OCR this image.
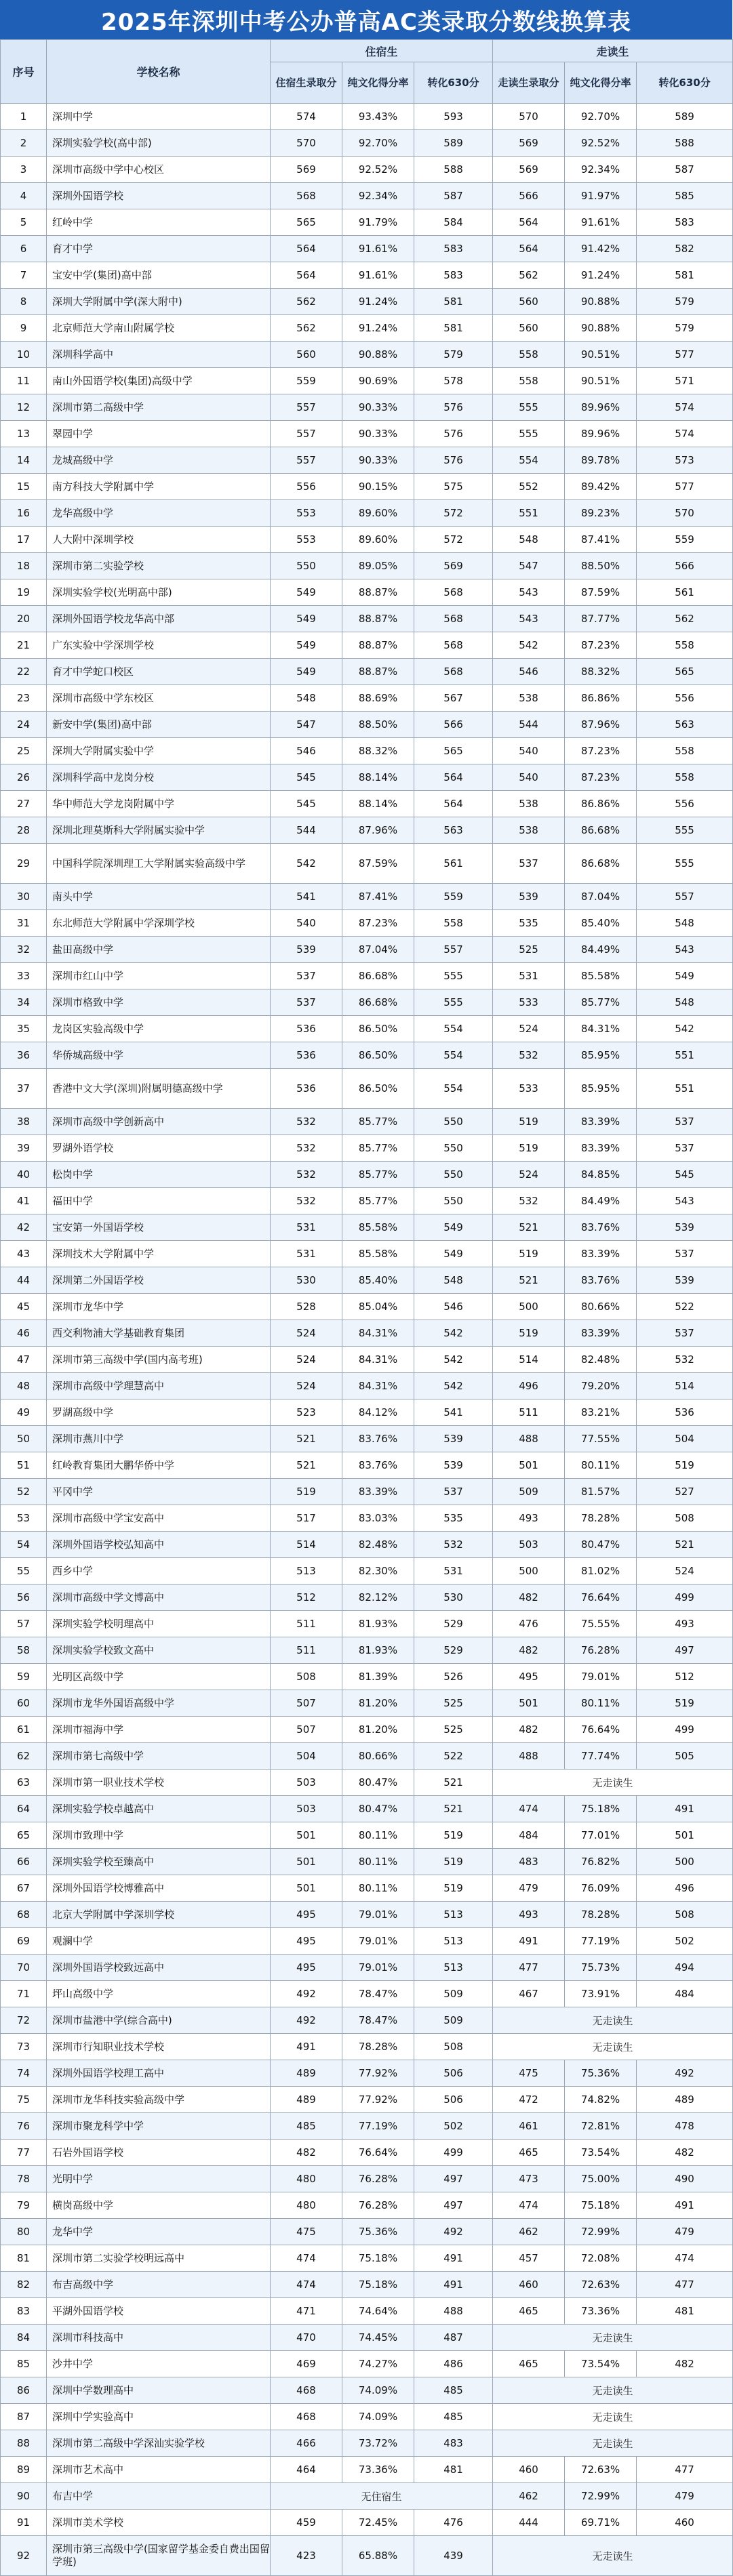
2025年深圳中考公办普高AC类录取分数线换算表
序号	学校名称	住宿生			走读生		
		住宿生录取分	纯文化得分率	转化630分	走读生录取分	纯文化得分率	转化630分
1	深圳中学	574	93.43%	593	570	92.70%	589
2	深圳实验学校(高中部)	570	92.70%	589	569	92.52%	588
3	深圳市高级中学中心校区	569	92.52%	588	569	92.34%	587
4	深圳外国语学校	568	92.34%	587	566	91.97%	585
5	红岭中学	565	91.79%	584	564	91.61%	583
6	育才中学	564	91.61%	583	564	91.42%	582
7	宝安中学(集团)高中部	564	91.61%	583	562	91.24%	581
8	深圳大学附属中学(深大附中)	562	91.24%	581	560	90.88%	579
9	北京师范大学南山附属学校	562	91.24%	581	560	90.88%	579
10	深圳科学高中	560	90.88%	579	558	90.51%	577
11	南山外国语学校(集团)高级中学	559	90.69%	578	558	90.51%	571
12	深圳市第二高级中学	557	90.33%	576	555	89.96%	574
13	翠园中学	557	90.33%	576	555	89.96%	574
14	龙城高级中学	557	90.33%	576	554	89.78%	573
15	南方科技大学附属中学	556	90.15%	575	552	89.42%	577
16	龙华高级中学	553	89.60%	572	551	89.23%	570
17	人大附中深圳学校	553	89.60%	572	548	87.41%	559
18	深圳市第二实验学校	550	89.05%	569	547	88.50%	566
19	深圳实验学校(光明高中部)	549	88.87%	568	543	87.59%	561
20	深圳外国语学校龙华高中部	549	88.87%	568	543	87.77%	562
21	广东实验中学深圳学校	549	88.87%	568	542	87.23%	558
22	育才中学蛇口校区	549	88.87%	568	546	88.32%	565
23	深圳市高级中学东校区	548	88.69%	567	538	86.86%	556
24	新安中学(集团)高中部	547	88.50%	566	544	87.96%	563
25	深圳大学附属实验中学	546	88.32%	565	540	87.23%	558
26	深圳科学高中龙岗分校	545	88.14%	564	540	87.23%	558
27	华中师范大学龙岗附属中学	545	88.14%	564	538	86.86%	556
28	深圳北理莫斯科大学附属实验中学	544	87.96%	563	538	86.68%	555
29	中国科学院深圳理工大学附属实验高级中学	542	87.59%	561	537	86.68%	555
30	南头中学	541	87.41%	559	539	87.04%	557
31	东北师范大学附属中学深圳学校	540	87.23%	558	535	85.40%	548
32	盐田高级中学	539	87.04%	557	525	84.49%	543
33	深圳市红山中学	537	86.68%	555	531	85.58%	549
34	深圳市格致中学	537	86.68%	555	533	85.77%	548
35	龙岗区实验高级中学	536	86.50%	554	524	84.31%	542
36	华侨城高级中学	536	86.50%	554	532	85.95%	551
37	香港中文大学(深圳)附属明德高级中学	536	86.50%	554	533	85.95%	551
38	深圳市高级中学创新高中	532	85.77%	550	519	83.39%	537
39	罗湖外语学校	532	85.77%	550	519	83.39%	537
40	松岗中学	532	85.77%	550	524	84.85%	545
41	福田中学	532	85.77%	550	532	84.49%	543
42	宝安第一外国语学校	531	85.58%	549	521	83.76%	539
43	深圳技术大学附属中学	531	85.58%	549	519	83.39%	537
44	深圳第二外国语学校	530	85.40%	548	521	83.76%	539
45	深圳市龙华中学	528	85.04%	546	500	80.66%	522
46	西交利物浦大学基础教育集团	524	84.31%	542	519	83.39%	537
47	深圳市第三高级中学(国内高考班)	524	84.31%	542	514	82.48%	532
48	深圳市高级中学理慧高中	524	84.31%	542	496	79.20%	514
49	罗湖高级中学	523	84.12%	541	511	83.21%	536
50	深圳市燕川中学	521	83.76%	539	488	77.55%	504
51	红岭教育集团大鹏华侨中学	521	83.76%	539	501	80.11%	519
52	平冈中学	519	83.39%	537	509	81.57%	527
53	深圳市高级中学宝安高中	517	83.03%	535	493	78.28%	508
54	深圳外国语学校弘知高中	514	82.48%	532	503	80.47%	521
55	西乡中学	513	82.30%	531	500	81.02%	524
56	深圳市高级中学文博高中	512	82.12%	530	482	76.64%	499
57	深圳实验学校明理高中	511	81.93%	529	476	75.55%	493
58	深圳实验学校致文高中	511	81.93%	529	482	76.28%	497
59	光明区高级中学	508	81.39%	526	495	79.01%	512
60	深圳市龙华外国语高级中学	507	81.20%	525	501	80.11%	519
61	深圳市福海中学	507	81.20%	525	482	76.64%	499
62	深圳市第七高级中学	504	80.66%	522	488	77.74%	505
63	深圳市第一职业技术学校	503	80.47%	521	无走读生		
64	深圳实验学校卓越高中	503	80.47%	521	474	75.18%	491
65	深圳市致理中学	501	80.11%	519	484	77.01%	501
66	深圳实验学校至臻高中	501	80.11%	519	483	76.82%	500
67	深圳外国语学校博雅高中	501	80.11%	519	479	76.09%	496
68	北京大学附属中学深圳学校	495	79.01%	513	493	78.28%	508
69	观澜中学	495	79.01%	513	491	77.19%	502
70	深圳外国语学校致远高中	495	79.01%	513	477	75.73%	494
71	坪山高级中学	492	78.47%	509	467	73.91%	484
72	深圳市盐港中学(综合高中)	492	78.47%	509	无走读生		
73	深圳市行知职业技术学校	491	78.28%	508	无走读生		
74	深圳外国语学校理工高中	489	77.92%	506	475	75.36%	492
75	深圳市龙华科技实验高级中学	489	77.92%	506	472	74.82%	489
76	深圳市聚龙科学中学	485	77.19%	502	461	72.81%	478
77	石岩外国语学校	482	76.64%	499	465	73.54%	482
78	光明中学	480	76.28%	497	473	75.00%	490
79	横岗高级中学	480	76.28%	497	474	75.18%	491
80	龙华中学	475	75.36%	492	462	72.99%	479
81	深圳市第二实验学校明远高中	474	75.18%	491	457	72.08%	474
82	布吉高级中学	474	75.18%	491	460	72.63%	477
83	平湖外国语学校	471	74.64%	488	465	73.36%	481
84	深圳市科技高中	470	74.45%	487	无走读生		
85	沙井中学	469	74.27%	486	465	73.54%	482
86	深圳中学数理高中	468	74.09%	485	无走读生		
87	深圳中学实验高中	468	74.09%	485	无走读生		
88	深圳市第二高级中学深汕实验学校	466	73.72%	483	无走读生		
89	深圳市艺术高中	464	73.36%	481	460	72.63%	477
90	布吉中学	无住宿生			462	72.99%	479
91	深圳市美术学校	459	72.45%	476	444	69.71%	460
92	深圳市第三高级中学(国家留学基金委自费出国留学班)	423	65.88%	439	无走读生		
